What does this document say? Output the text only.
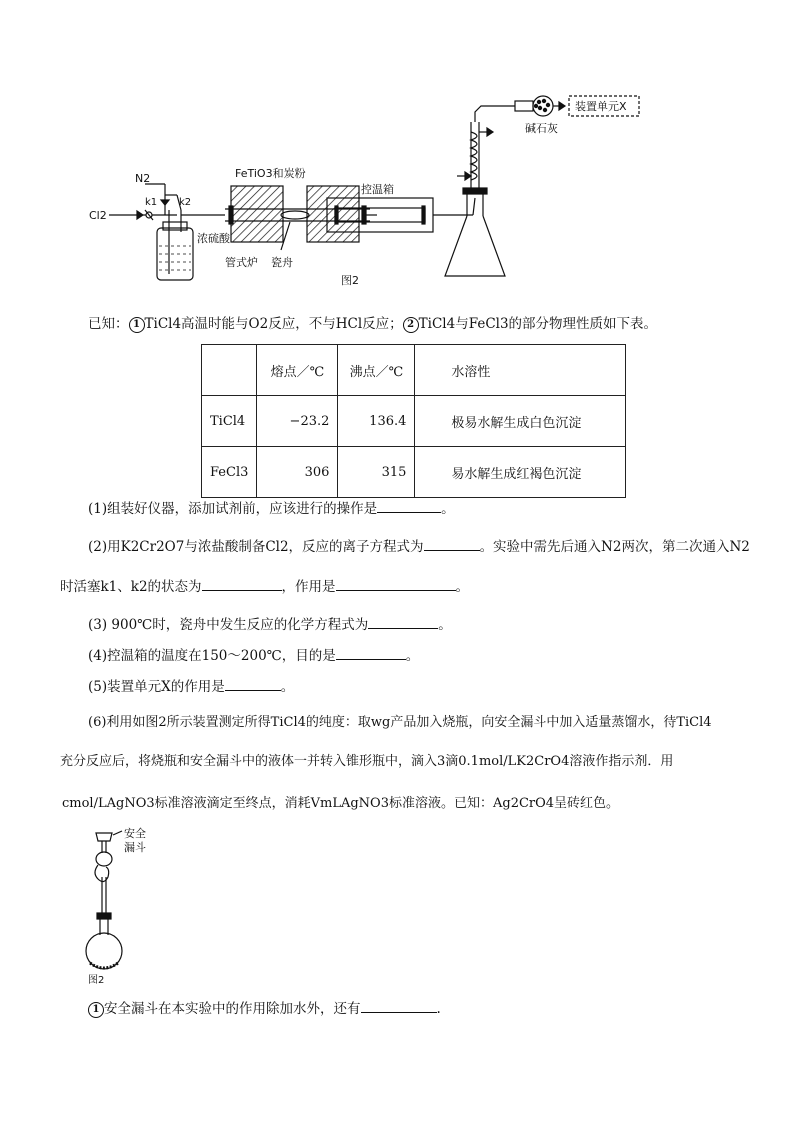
N2
Cl2
k1 k2
浓硫酸
FeTiO3和炭粉
管式炉 瓷舟
控温箱
碱石灰
装置单元X
图2
已知： 1 TiCl4高温时能与O2反应，不与HCl反应； 2 TiCl4与FeCl3的部分物理性质如下表。
	熔点／℃	沸点／℃	水溶性
TiCl4	−23.2	136.4	极易水解生成白色沉淀
FeCl3	306	315	易水解生成红褐色沉淀
(1)组装好仪器，添加试剂前，应该进行的操作是	。
(2)用K2Cr2O7与浓盐酸制备Cl2，反应的离子方程式为	。实验中需先后通入N2两次，第二次通入N2
时活塞k1、k2的状态为	，作用是	。
(3) 900℃时，瓷舟中发生反应的化学方程式为	。
(4)控温箱的温度在150～200℃，目的是	。
(5)装置单元X的作用是	。
(6)利用如图2所示装置测定所得TiCl4的纯度：取wg产品加入烧瓶，向安全漏斗中加入适量蒸馏水，待TiCl4
充分反应后，将烧瓶和安全漏斗中的液体一并转入锥形瓶中，滴入3滴0.1mol/LK2CrO4溶液作指示剂．用
cmol/LAgNO3标准溶液滴定至终点，消耗VmLAgNO3标准溶液。已知：Ag2CrO4呈砖红色。
安全
漏斗
图2
1 安全漏斗在本实验中的作用除加水外，还有	.
